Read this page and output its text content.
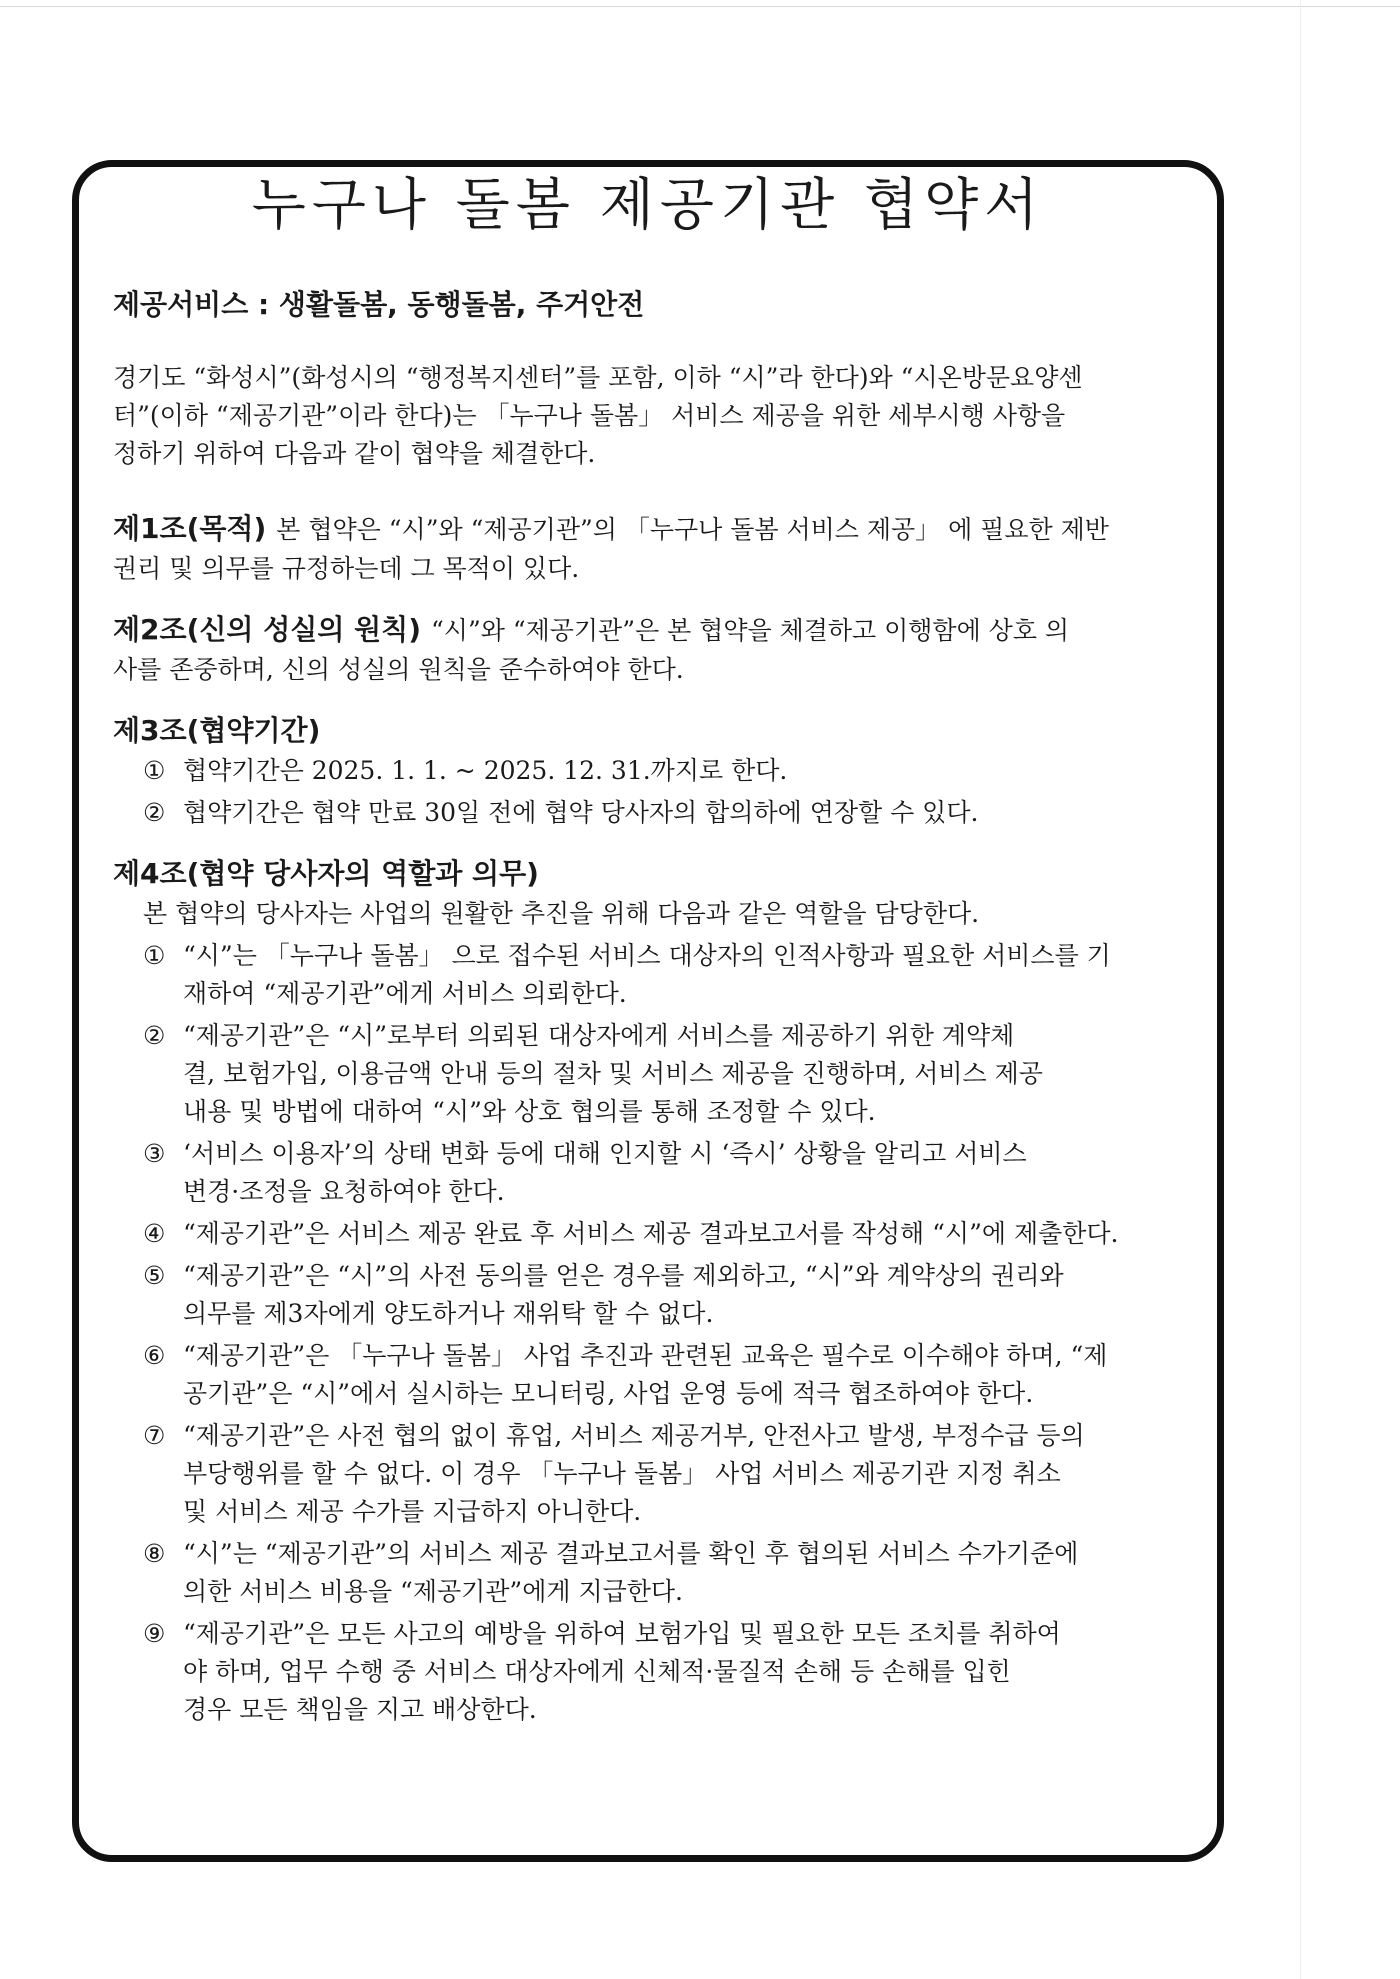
누구나 돌봄 제공기관 협약서
제공서비스 : 생활돌봄, 동행돌봄, 주거안전
경기도 “화성시”(화성시의 “행정복지센터”를 포함, 이하 “시”라 한다)와 “시온방문요양센
터”(이하 “제공기관”이라 한다)는 「누구나 돌봄」 서비스 제공을 위한 세부시행 사항을
정하기 위하여 다음과 같이 협약을 체결한다.
제1조(목적) 본 협약은 “시”와 “제공기관”의 「누구나 돌봄 서비스 제공」 에 필요한 제반
권리 및 의무를 규정하는데 그 목적이 있다.
제2조(신의 성실의 원칙) “시”와 “제공기관”은 본 협약을 체결하고 이행함에 상호 의
사를 존중하며, 신의 성실의 원칙을 준수하여야 한다.
제3조(협약기간)
① 협약기간은 2025. 1. 1. ~ 2025. 12. 31.까지로 한다.
② 협약기간은 협약 만료 30일 전에 협약 당사자의 합의하에 연장할 수 있다.
제4조(협약 당사자의 역할과 의무)
본 협약의 당사자는 사업의 원활한 추진을 위해 다음과 같은 역할을 담당한다.
① “시”는 「누구나 돌봄」 으로 접수된 서비스 대상자의 인적사항과 필요한 서비스를 기
재하여 “제공기관”에게 서비스 의뢰한다.
② “제공기관”은 “시”로부터 의뢰된 대상자에게 서비스를 제공하기 위한 계약체
결, 보험가입, 이용금액 안내 등의 절차 및 서비스 제공을 진행하며, 서비스 제공
내용 및 방법에 대하여 “시”와 상호 협의를 통해 조정할 수 있다.
③ ‘서비스 이용자’의 상태 변화 등에 대해 인지할 시 ‘즉시’ 상황을 알리고 서비스
변경·조정을 요청하여야 한다.
④ “제공기관”은 서비스 제공 완료 후 서비스 제공 결과보고서를 작성해 “시”에 제출한다.
⑤ “제공기관”은 “시”의 사전 동의를 얻은 경우를 제외하고, “시”와 계약상의 권리와
의무를 제3자에게 양도하거나 재위탁 할 수 없다.
⑥ “제공기관”은 「누구나 돌봄」 사업 추진과 관련된 교육은 필수로 이수해야 하며, “제
공기관”은 “시”에서 실시하는 모니터링, 사업 운영 등에 적극 협조하여야 한다.
⑦ “제공기관”은 사전 협의 없이 휴업, 서비스 제공거부, 안전사고 발생, 부정수급 등의
부당행위를 할 수 없다. 이 경우 「누구나 돌봄」 사업 서비스 제공기관 지정 취소
및 서비스 제공 수가를 지급하지 아니한다.
⑧ “시”는 “제공기관”의 서비스 제공 결과보고서를 확인 후 협의된 서비스 수가기준에
의한 서비스 비용을 “제공기관”에게 지급한다.
⑨ “제공기관”은 모든 사고의 예방을 위하여 보험가입 및 필요한 모든 조치를 취하여
야 하며, 업무 수행 중 서비스 대상자에게 신체적·물질적 손해 등 손해를 입힌
경우 모든 책임을 지고 배상한다.
